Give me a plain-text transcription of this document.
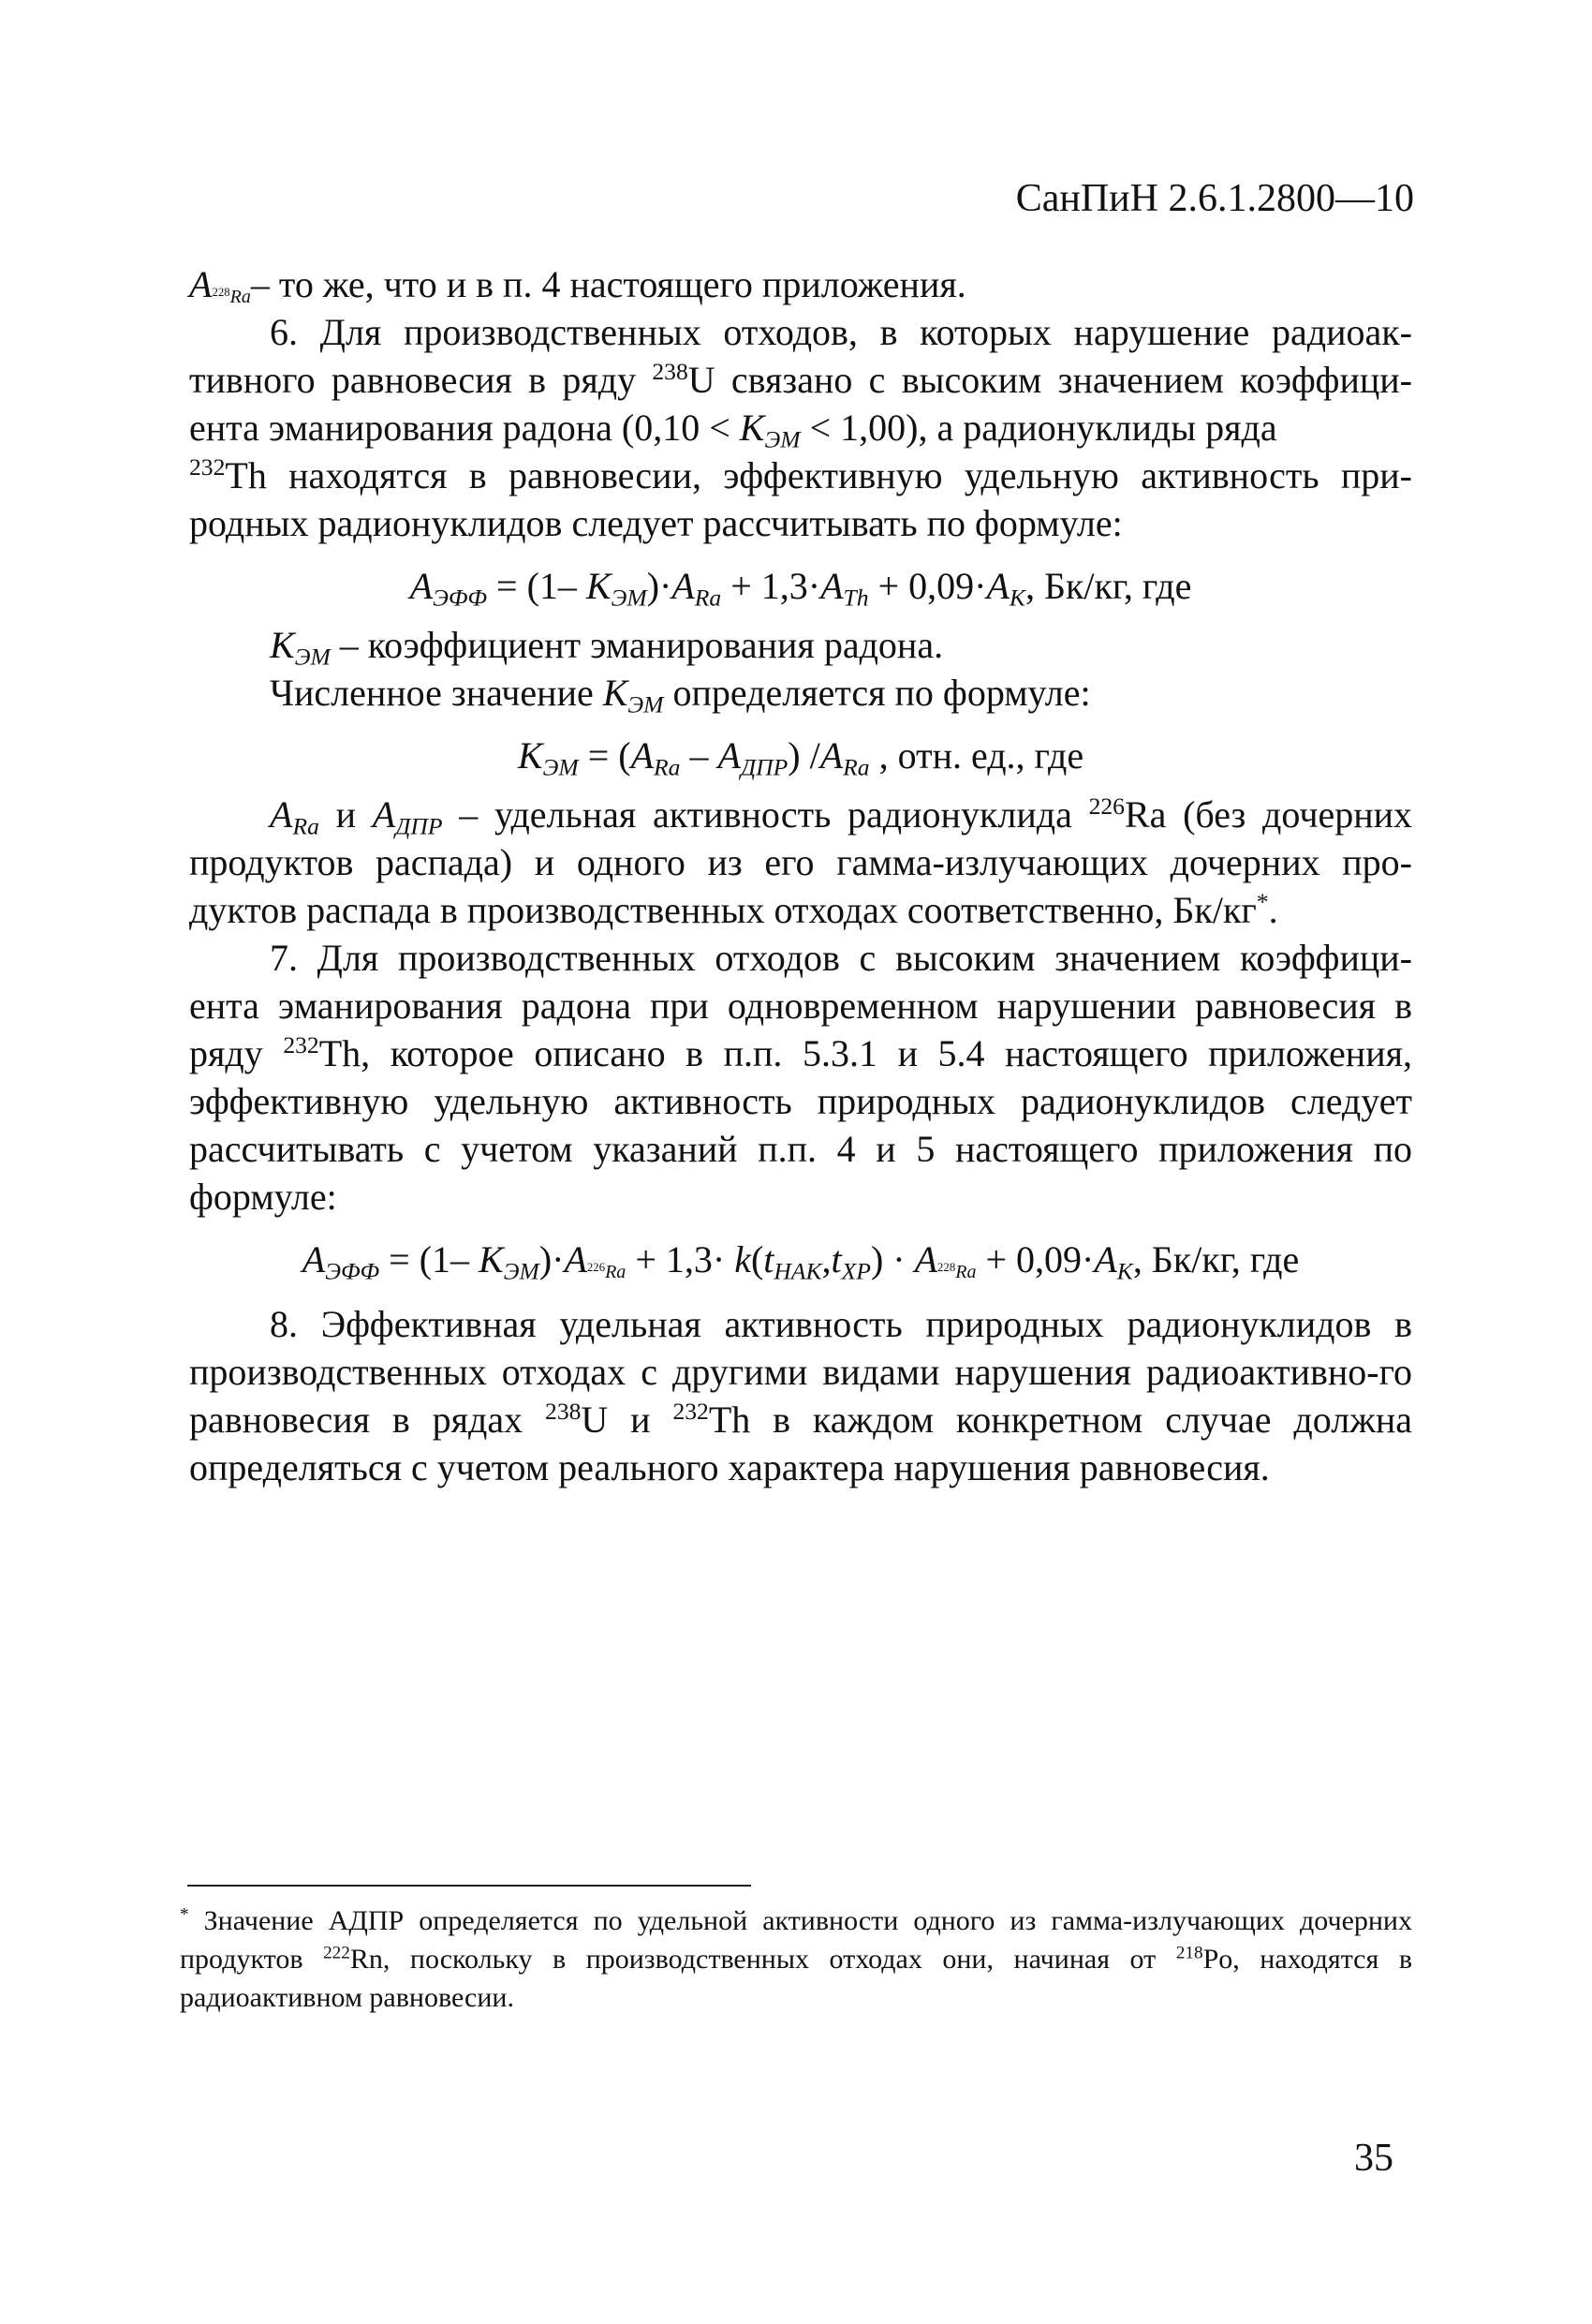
СанПиН 2.6.1.2800—10

$A_{^{228}Ra}-$ то же, что и в п. 4 настоящего приложения.

6. Для производственных отходов, в которых нарушение радиоак-тивного равновесия в ряду $^{238}$U связано с высоким значением коэффици-ента эманирования радона $(0,10 < K_{ЭМ} < 1,00)$, а радионуклиды ряда
$^{232}$Th находятся в равновесии, эффективную удельную активность при-родных радионуклидов следует рассчитывать по формуле:

$A_{ЭФФ} = (1-$ $K_{ЭМ})\cdot A_{Ra} + 1,3\cdot A_{Th} + 0,09\cdot A_K$, Бк/кг, где

$K_{ЭМ}$ – коэффициент эманирования радона.

Численное значение $K_{ЭМ}$ определяется по формуле:

$K_{ЭМ} = (A_{Ra} - A_{ДПР})$ $/A_{Ra}$ , отн. ед., где

$A_{Ra}$ и $A_{ДПР}$ – удельная активность радионуклида $^{226}$Ra (без дочерних продуктов распада) и одного из его гамма-излучающих дочерних про-дуктов распада в производственных отходах соответственно, Бк/кг*.

7. Для производственных отходов с высоким значением коэффици-ента эманирования радона при одновременном нарушении равновесия в ряду $^{232}$Th, которое описано в п.п. 5.3.1 и 5.4 настоящего приложения, эффективную удельную активность природных радионуклидов следует рассчитывать с учетом указаний п.п. 4 и 5 настоящего приложения по формуле:

$A_{ЭФФ} = (1-$ $K_{ЭМ})\cdot A_{^{226}Ra} + 1,3\cdot k(t_{НАК},t_{ХР}) \cdot A_{^{228}Ra} + 0,09\cdot A_K$, Бк/кг, где

8. Эффективная удельная активность природных радионуклидов в производственных отходах с другими видами нарушения радиоактивно-го равновесия в рядах $^{238}$U и $^{232}$Th в каждом конкретном случае должна определяться с учетом реального характера нарушения равновесия.

* Значение АДПР определяется по удельной активности одного из гамма-излучающих дочерних продуктов $^{222}$Rn, поскольку в производственных отходах они, начиная от $^{218}$Po, находятся в радиоактивном равновесии.

35
